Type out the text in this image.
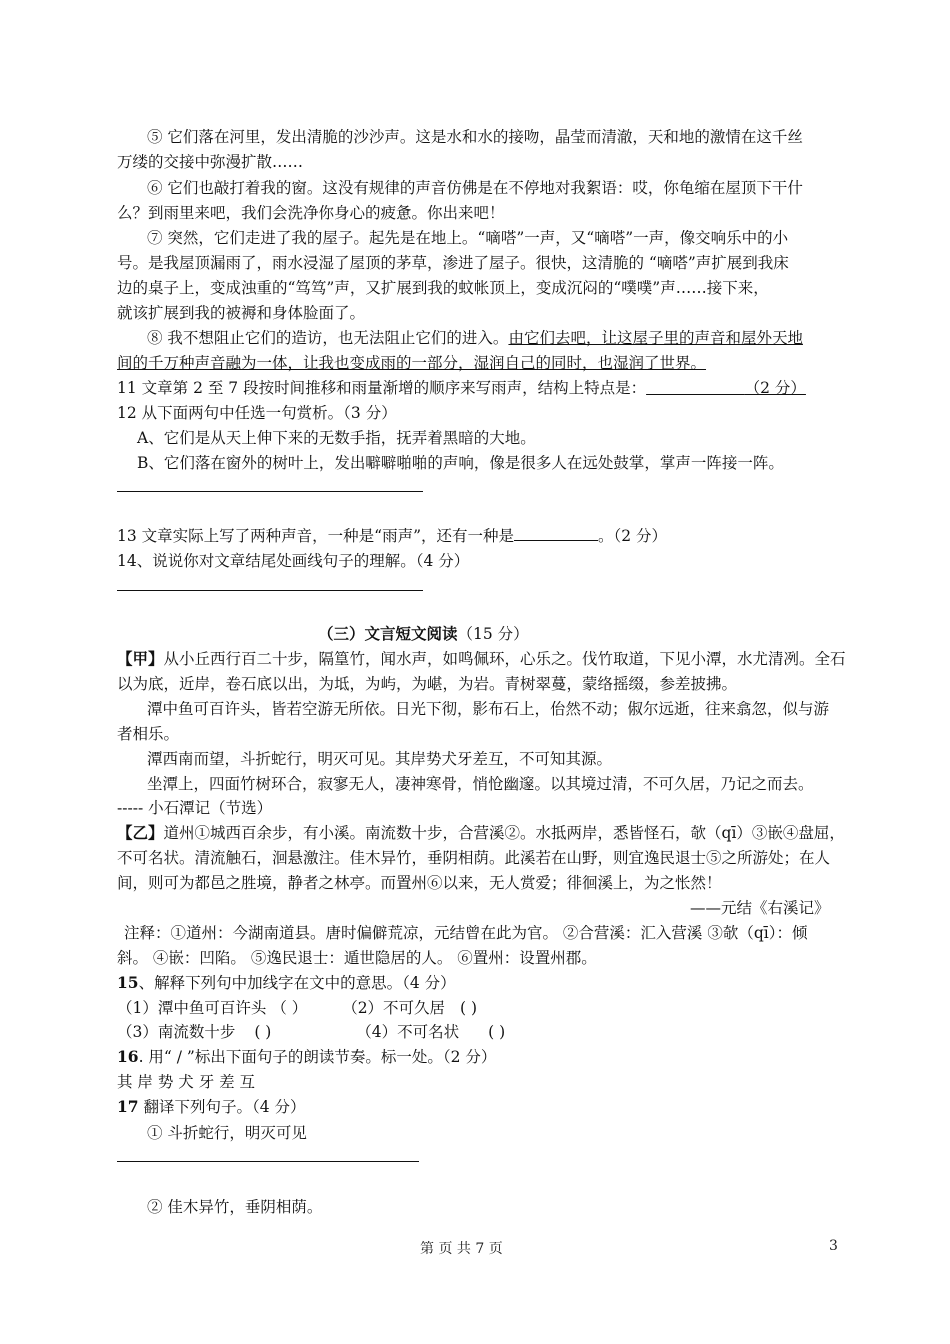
⑤ 它们落在河里，发出清脆的沙沙声。这是水和水的接吻，晶莹而清澈，天和地的激情在这千丝
万缕的交接中弥漫扩散……
⑥ 它们也敲打着我的窗。这没有规律的声音仿佛是在不停地对我絮语：哎，你龟缩在屋顶下干什
么？到雨里来吧，我们会洗净你身心的疲惫。你出来吧！
⑦ 突然，它们走进了我的屋子。起先是在地上。“嘀嗒”一声，又“嘀嗒”一声，像交响乐中的小
号。是我屋顶漏雨了，雨水浸湿了屋顶的茅草，渗进了屋子。很快，这清脆的 “嘀嗒”声扩展到我床
边的桌子上，变成浊重的“笃笃”声，又扩展到我的蚊帐顶上，变成沉闷的“噗噗”声……接下来，
就该扩展到我的被褥和身体脸面了。
⑧ 我不想阻止它们的造访，也无法阻止它们的进入。由它们去吧，让这屋子里的声音和屋外天地
间的千万种声音融为一体，让我也变成雨的一部分，湿润自己的同时，也湿润了世界。
11 文章第 2 至 7 段按时间推移和雨量渐增的顺序来写雨声，结构上特点是：	（2 分）
12 从下面两句中任选一句赏析。（3 分）
A、它们是从天上伸下来的无数手指，抚弄着黑暗的大地。
B、它们落在窗外的树叶上，发出噼噼啪啪的声响，像是很多人在远处鼓掌，掌声一阵接一阵。
13 文章实际上写了两种声音，一种是“雨声”，还有一种是	。（2 分）
14、说说你对文章结尾处画线句子的理解。（4 分）
（三）文言短文阅读（15 分）
【甲】从小丘西行百二十步，隔篁竹，闻水声，如鸣佩环，心乐之。伐竹取道，下见小潭，水尤清冽。全石
以为底，近岸，卷石底以出，为坻，为屿，为嵁，为岩。青树翠蔓，蒙络摇缀，参差披拂。
潭中鱼可百许头，皆若空游无所依。日光下彻，影布石上，佁然不动；俶尔远逝，往来翕忽，似与游
者相乐。
潭西南而望，斗折蛇行，明灭可见。其岸势犬牙差互，不可知其源。
坐潭上，四面竹树环合，寂寥无人，凄神寒骨，悄怆幽邃。以其境过清，不可久居，乃记之而去。
----- 小石潭记（节选）
【乙】道州①城西百余步，有小溪。南流数十步，合营溪②。水抵两岸，悉皆怪石，欹（qī）③嵌④盘屈，
不可名状。清流触石，洄悬激注。佳木异竹，垂阴相荫。此溪若在山野，则宜逸民退士⑤之所游处；在人
间，则可为都邑之胜境，静者之林亭。而置州⑥以来，无人赏爱；徘徊溪上，为之怅然！
——元结《右溪记》
注释：①道州：今湖南道县。唐时偏僻荒凉，元结曾在此为官。 ②合营溪：汇入营溪 ③欹（qī）：倾
斜。 ④嵌：凹陷。 ⑤逸民退士：遁世隐居的人。 ⑥置州：设置州郡。
15、解释下列句中加线字在文中的意思。（4 分）
（1）潭中鱼可百许头 （ ） （2）不可久居 ( )
（3）南流数十步 ( )	（4）不可名状 ( )
16. 用“ / ”标出下面句子的朗读节奏。标一处。（2 分）
其 岸 势 犬 牙 差 互
17 翻译下列句子。（4 分）
① 斗折蛇行，明灭可见
② 佳木异竹，垂阴相荫。
第 页 共 7 页	3
